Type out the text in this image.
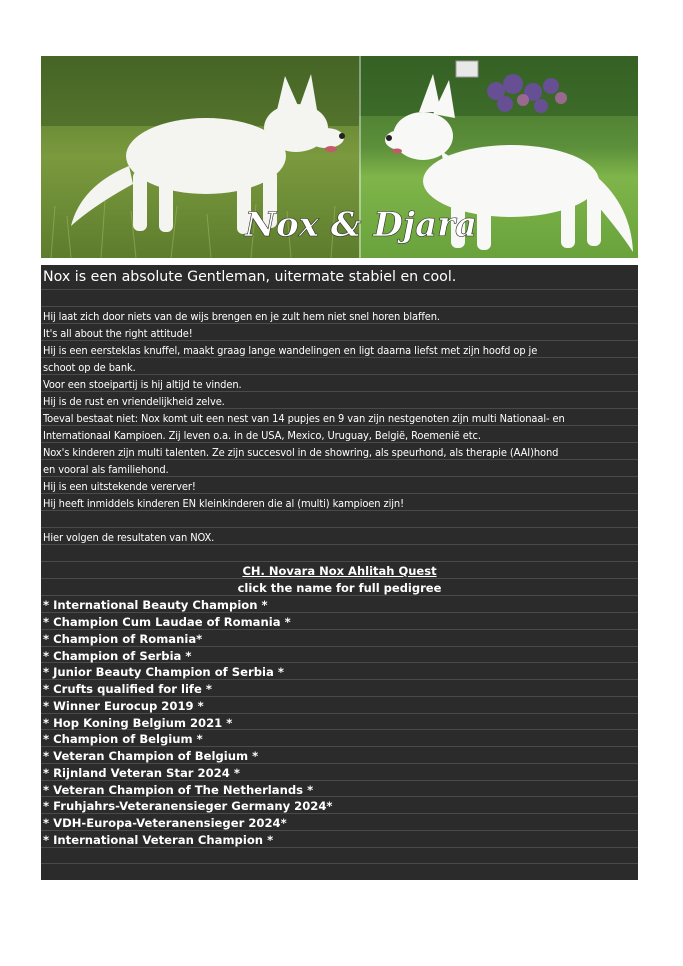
Nox & Djara
Nox is een absolute Gentleman, uitermate stabiel en cool.
Hij laat zich door niets van de wijs brengen en je zult hem niet snel horen blaffen.
It's all about the right attitude!
Hij is een eersteklas knuffel, maakt graag lange wandelingen en ligt daarna liefst met zijn hoofd op je
schoot op de bank.
Voor een stoeipartij is hij altijd te vinden.
Hij is de rust en vriendelijkheid zelve.
Toeval bestaat niet: Nox komt uit een nest van 14 pupjes en 9 van zijn nestgenoten zijn multi Nationaal- en
Internationaal Kampioen. Zij leven o.a. in de USA, Mexico, Uruguay, België, Roemenië etc.
Nox's kinderen zijn multi talenten. Ze zijn succesvol in de showring, als speurhond, als therapie (AAI)hond
en vooral als familiehond.
Hij is een uitstekende vererver!
Hij heeft inmiddels kinderen EN kleinkinderen die al (multi) kampioen zijn!
Hier volgen de resultaten van NOX.
CH. Novara Nox Ahlitah Quest
click the name for full pedigree
* International Beauty Champion *
* Champion Cum Laudae of Romania *
* Champion of Romania*
* Champion of Serbia *
* Junior Beauty Champion of Serbia *
* Crufts qualified for life *
* Winner Eurocup 2019 *
* Hop Koning Belgium 2021 *
* Champion of Belgium *
* Veteran Champion of Belgium *
* Rijnland Veteran Star 2024 *
* Veteran Champion of The Netherlands *
* Fruhjahrs-Veteranensieger Germany 2024*
* VDH-Europa-Veteranensieger 2024*
* International Veteran Champion *
